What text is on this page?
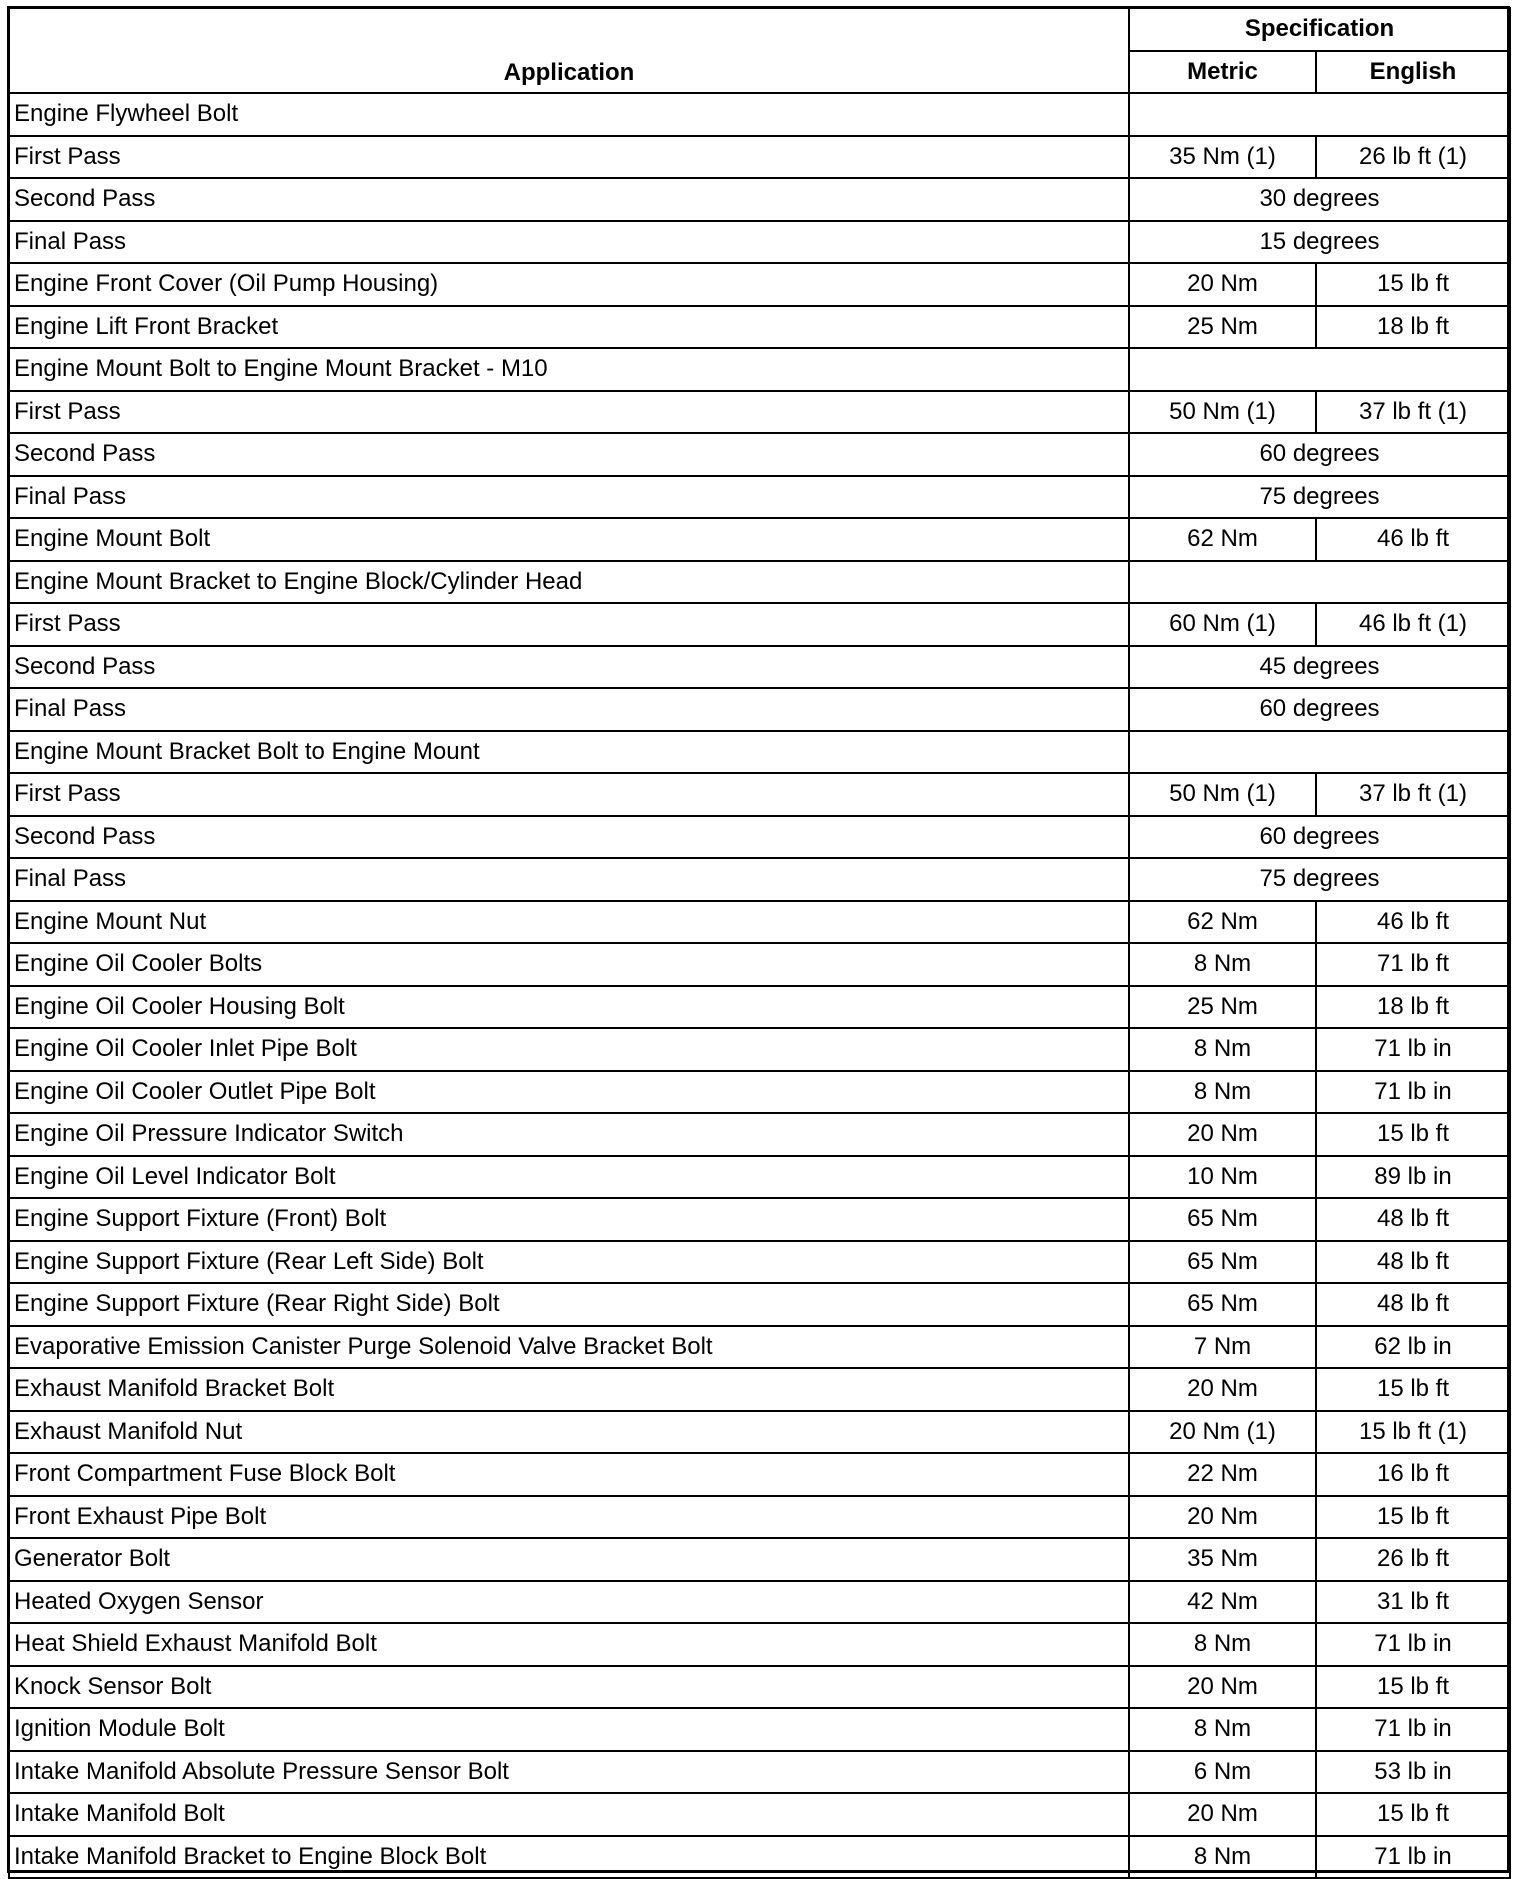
Application	Specification	
	Metric	English
Engine Flywheel Bolt		
First Pass	35 Nm (1)	26 lb ft (1)
Second Pass	30 degrees	
Final Pass	15 degrees	
Engine Front Cover (Oil Pump Housing)	20 Nm	15 lb ft
Engine Lift Front Bracket	25 Nm	18 lb ft
Engine Mount Bolt to Engine Mount Bracket - M10		
First Pass	50 Nm (1)	37 lb ft (1)
Second Pass	60 degrees	
Final Pass	75 degrees	
Engine Mount Bolt	62 Nm	46 lb ft
Engine Mount Bracket to Engine Block/Cylinder Head		
First Pass	60 Nm (1)	46 lb ft (1)
Second Pass	45 degrees	
Final Pass	60 degrees	
Engine Mount Bracket Bolt to Engine Mount		
First Pass	50 Nm (1)	37 lb ft (1)
Second Pass	60 degrees	
Final Pass	75 degrees	
Engine Mount Nut	62 Nm	46 lb ft
Engine Oil Cooler Bolts	8 Nm	71 lb ft
Engine Oil Cooler Housing Bolt	25 Nm	18 lb ft
Engine Oil Cooler Inlet Pipe Bolt	8 Nm	71 lb in
Engine Oil Cooler Outlet Pipe Bolt	8 Nm	71 lb in
Engine Oil Pressure Indicator Switch	20 Nm	15 lb ft
Engine Oil Level Indicator Bolt	10 Nm	89 lb in
Engine Support Fixture (Front) Bolt	65 Nm	48 lb ft
Engine Support Fixture (Rear Left Side) Bolt	65 Nm	48 lb ft
Engine Support Fixture (Rear Right Side) Bolt	65 Nm	48 lb ft
Evaporative Emission Canister Purge Solenoid Valve Bracket Bolt	7 Nm	62 lb in
Exhaust Manifold Bracket Bolt	20 Nm	15 lb ft
Exhaust Manifold Nut	20 Nm (1)	15 lb ft (1)
Front Compartment Fuse Block Bolt	22 Nm	16 lb ft
Front Exhaust Pipe Bolt	20 Nm	15 lb ft
Generator Bolt	35 Nm	26 lb ft
Heated Oxygen Sensor	42 Nm	31 lb ft
Heat Shield Exhaust Manifold Bolt	8 Nm	71 lb in
Knock Sensor Bolt	20 Nm	15 lb ft
Ignition Module Bolt	8 Nm	71 lb in
Intake Manifold Absolute Pressure Sensor Bolt	6 Nm	53 lb in
Intake Manifold Bolt	20 Nm	15 lb ft
Intake Manifold Bracket to Engine Block Bolt	8 Nm	71 lb in
